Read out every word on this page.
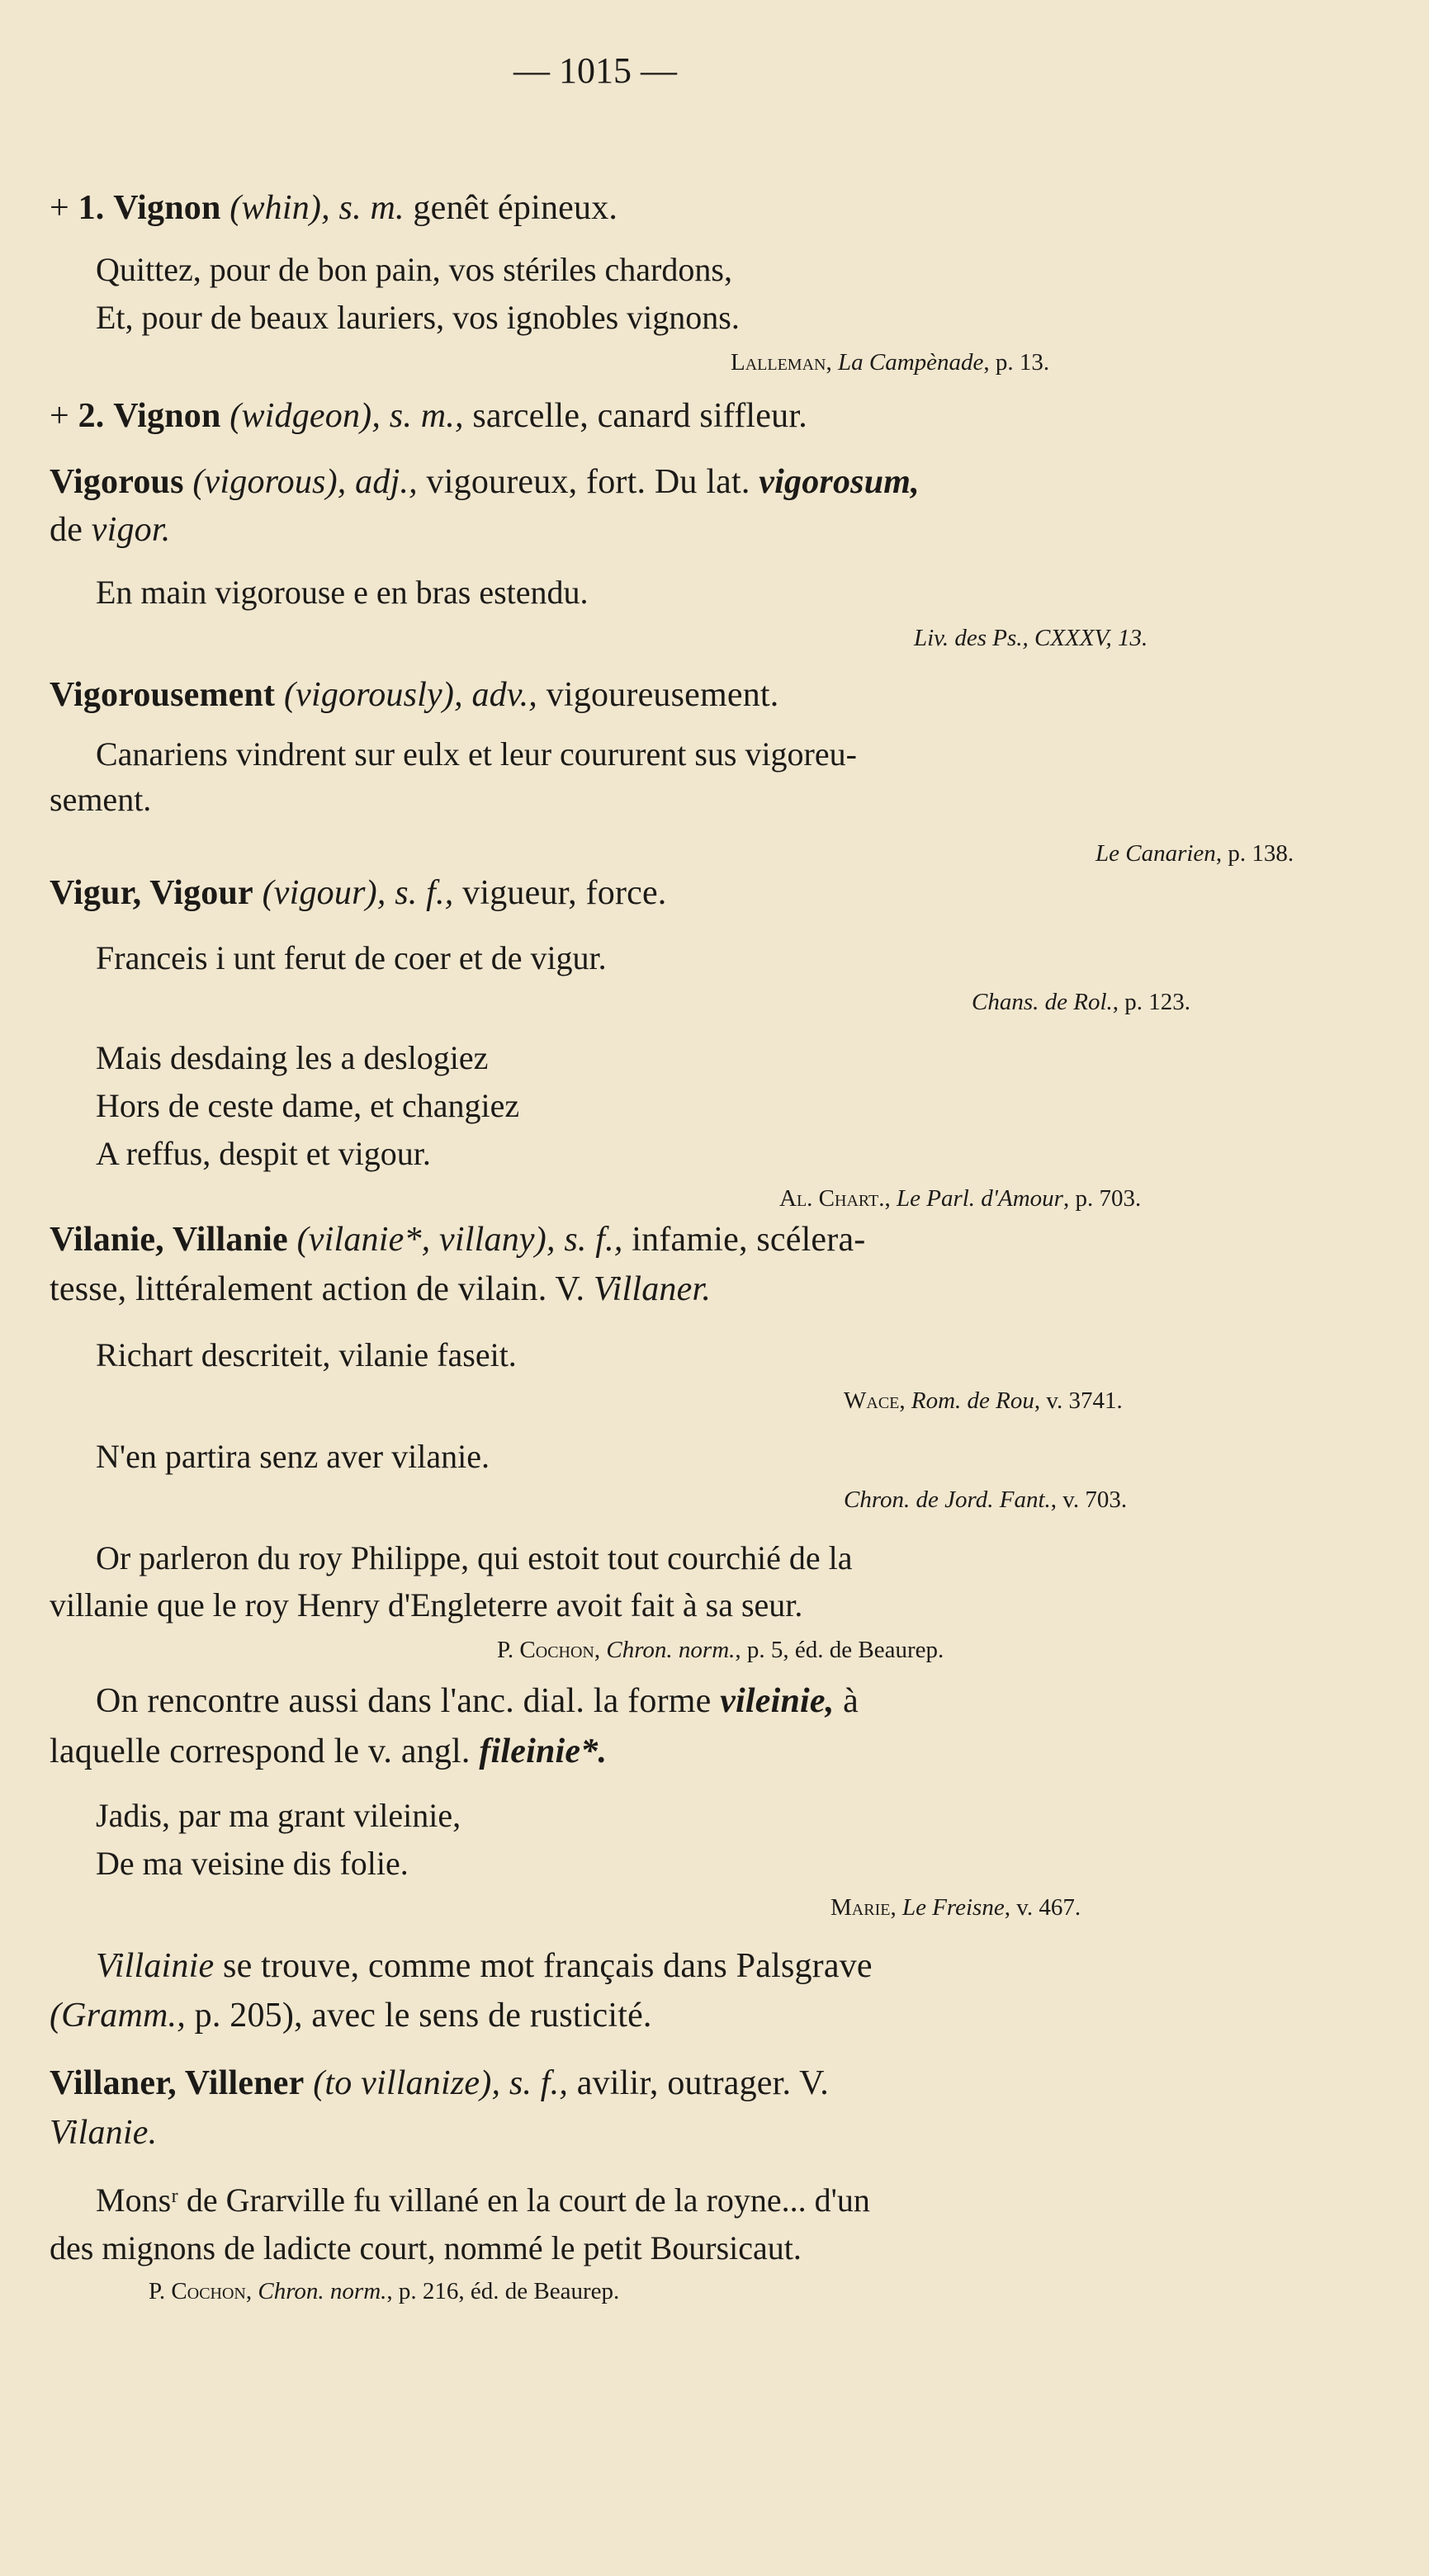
— 1015 —
+ 1. Vignon (whin), s. m. genêt épineux.
Quittez, pour de bon pain, vos stériles chardons,
Et, pour de beaux lauriers, vos ignobles vignons.
Lalleman, La Campènade, p. 13.
+ 2. Vignon (widgeon), s. m., sarcelle, canard siffleur.
Vigorous (vigorous), adj., vigoureux, fort. Du lat. vigorosum,
de vigor.
En main vigorouse e en bras estendu.
Liv. des Ps., CXXXV, 13.
Vigorousement (vigorously), adv., vigoureusement.
Canariens vindrent sur eulx et leur coururent sus vigoreu-
sement.
Le Canarien, p. 138.
Vigur, Vigour (vigour), s. f., vigueur, force.
Franceis i unt ferut de coer et de vigur.
Chans. de Rol., p. 123.
Mais desdaing les a deslogiez
Hors de ceste dame, et changiez
A reffus, despit et vigour.
Al. Chart., Le Parl. d'Amour, p. 703.
Vilanie, Villanie (vilanie*, villany), s. f., infamie, scélera-
tesse, littéralement action de vilain. V. Villaner.
Richart descriteit, vilanie faseit.
Wace, Rom. de Rou, v. 3741.
N'en partira senz aver vilanie.
Chron. de Jord. Fant., v. 703.
Or parleron du roy Philippe, qui estoit tout courchié de la
villanie que le roy Henry d'Engleterre avoit fait à sa seur.
P. Cochon, Chron. norm., p. 5, éd. de Beaurep.
On rencontre aussi dans l'anc. dial. la forme vileinie, à
laquelle correspond le v. angl. fileinie*.
Jadis, par ma grant vileinie,
De ma veisine dis folie.
Marie, Le Freisne, v. 467.
Villainie se trouve, comme mot français dans Palsgrave
(Gramm., p. 205), avec le sens de rusticité.
Villaner, Villener (to villanize), s. f., avilir, outrager. V.
Vilanie.
Monsʳ de Grarville fu villané en la court de la royne... d'un
des mignons de ladicte court, nommé le petit Boursicaut.
P. Cochon, Chron. norm., p. 216, éd. de Beaurep.
